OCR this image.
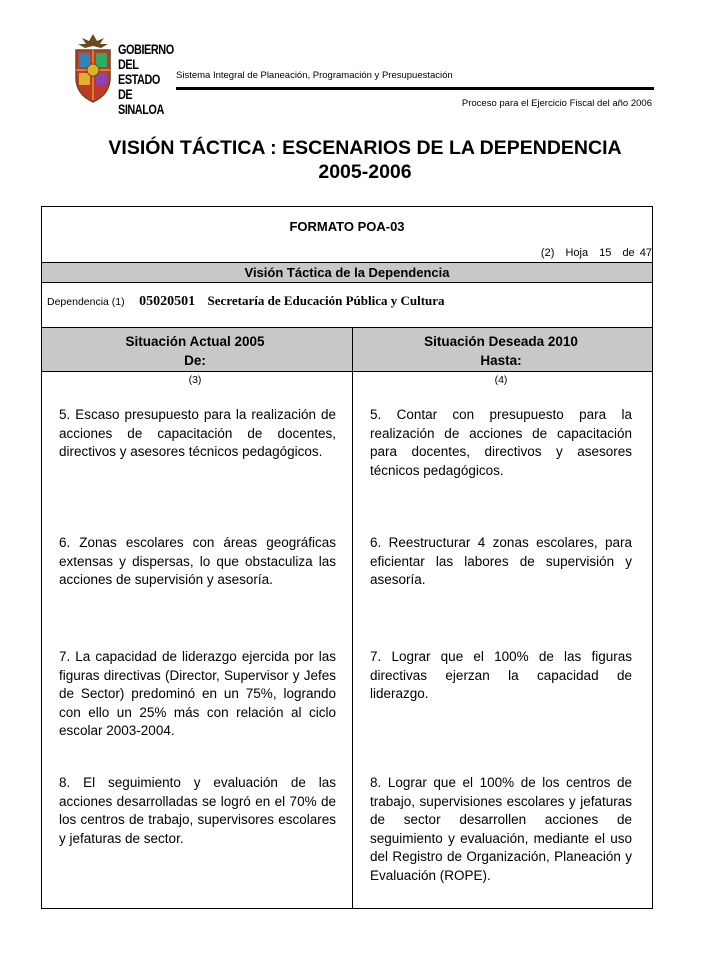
GOBIERNO
DEL ESTADO
DE SINALOA
Sistema Integral de Planeación, Programación y Presupuestación
Proceso para el Ejercicio Fiscal del año 2006
VISIÓN TÁCTICA : ESCENARIOS DE LA DEPENDENCIA
2005-2006
FORMATO POA-03
(2) Hoja 15 de 47
Visión Táctica de la Dependencia
Dependencia (1) 05020501 Secretaría de Educación Pública y Cultura
Situación Actual 2005
De:
Situación Deseada 2010
Hasta:
(3)	(4)
5. Escaso presupuesto para la realización de acciones de capacitación de docentes, directivos y asesores técnicos pedagógicos.
6. Zonas escolares con áreas geográficas extensas y dispersas, lo que obstaculiza las acciones de supervisión y asesoría.
7. La capacidad de liderazgo ejercida por las figuras directivas (Director, Supervisor y Jefes de Sector) predominó en un 75%, logrando con ello un 25% más con relación al ciclo escolar 2003-2004.
8. El seguimiento y evaluación de las acciones desarrolladas se logró en el 70% de los centros de trabajo, supervisores escolares y jefaturas de sector.
5. Contar con presupuesto para la realización de acciones de capacitación para docentes, directivos y asesores técnicos pedagógicos.
6. Reestructurar 4 zonas escolares, para eficientar las labores de supervisión y asesoría.
7. Lograr que el 100% de las figuras directivas ejerzan la capacidad de liderazgo.
8. Lograr que el 100% de los centros de trabajo, supervisiones escolares y jefaturas de sector desarrollen acciones de seguimiento y evaluación, mediante el uso del Registro de Organización, Planeación y Evaluación (ROPE).
